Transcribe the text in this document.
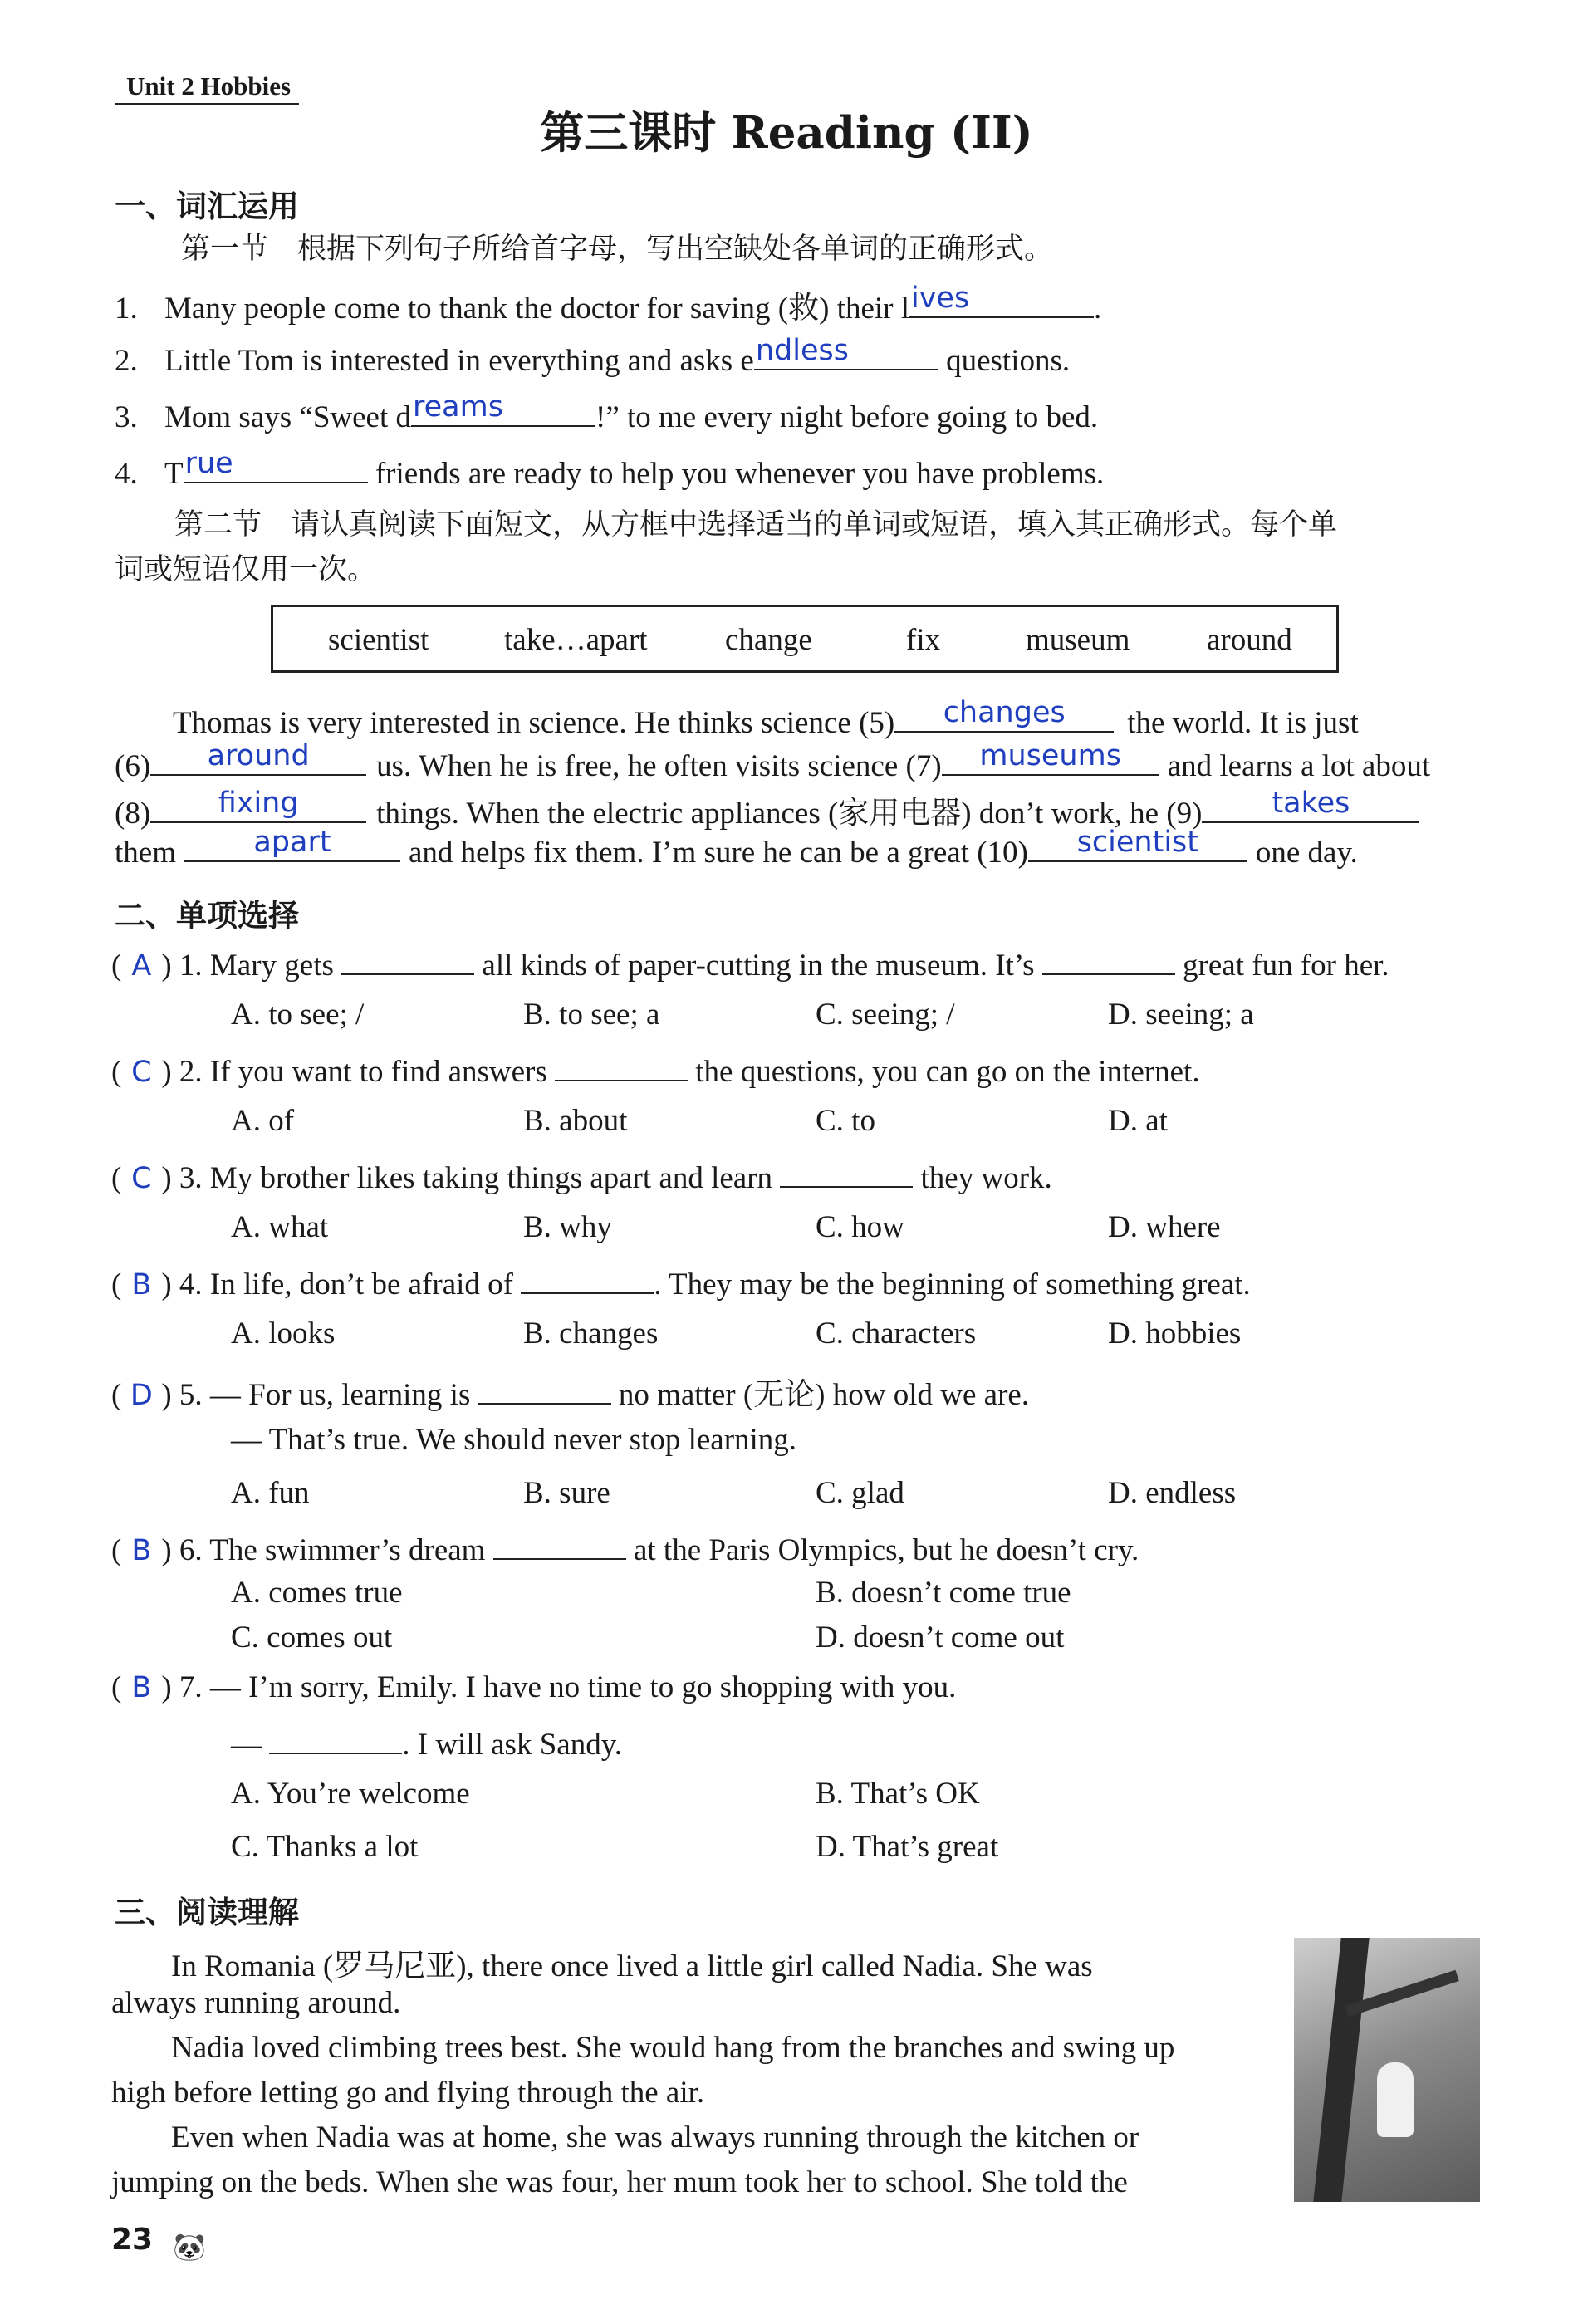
Unit 2 Hobbies
第三课时 Reading (II)
一、词汇运用
第一节　根据下列句子所给首字母，写出空缺处各单词的正确形式。
1. Many people come to thank the doctor for saving (救) their l ives	.
2. Little Tom is interested in everything and asks e ndless	questions.
3. Mom says “Sweet d reams	!” to me every night before going to bed.
4. T rue	friends are ready to help you whenever you have problems.
第二节　请认真阅读下面短文，从方框中选择适当的单词或短语，填入其正确形式。每个单
词或短语仅用一次。
scientist take…apart	change	fix	museum	around
Thomas is very interested in science. He thinks science (5)	changes	the world. It is just
(6)	around	us. When he is free, he often visits science (7)	museums	and learns a lot about
(8)	fixing	things. When the electric appliances (家用电器) don’t work, he (9)	takes
them	apart	and helps fix them. I’m sure he can be a great (10)	scientist	one day.
二、单项选择
( A ) 1. Mary gets	all kinds of paper-cutting in the museum. It’s	great fun for her.
A. to see; /	B. to see; a	C. seeing; /	D. seeing; a
( C ) 2. If you want to find answers	the questions, you can go on the internet.
A. of	B. about	C. to	D. at
( C ) 3. My brother likes taking things apart and learn	they work.
A. what	B. why	C. how	D. where
( B ) 4. In life, don’t be afraid of	. They may be the beginning of something great.
A. looks	B. changes	C. characters	D. hobbies
( D ) 5. — For us, learning is	no matter (无论) how old we are.
— That’s true. We should never stop learning.
A. fun	B. sure	C. glad	D. endless
( B ) 6. The swimmer’s dream	at the Paris Olympics, but he doesn’t cry.
A. comes true	B. doesn’t come true
C. comes out	D. doesn’t come out
( B ) 7. — I’m sorry, Emily. I have no time to go shopping with you.
—	. I will ask Sandy.
A. You’re welcome	B. That’s OK
C. Thanks a lot	D. That’s great
三、阅读理解
In Romania (罗马尼亚), there once lived a little girl called Nadia. She was
always running around.
Nadia loved climbing trees best. She would hang from the branches and swing up
high before letting go and flying through the air.
Even when Nadia was at home, she was always running through the kitchen or
jumping on the beds. When she was four, her mum took her to school. She told the
23 🐼
